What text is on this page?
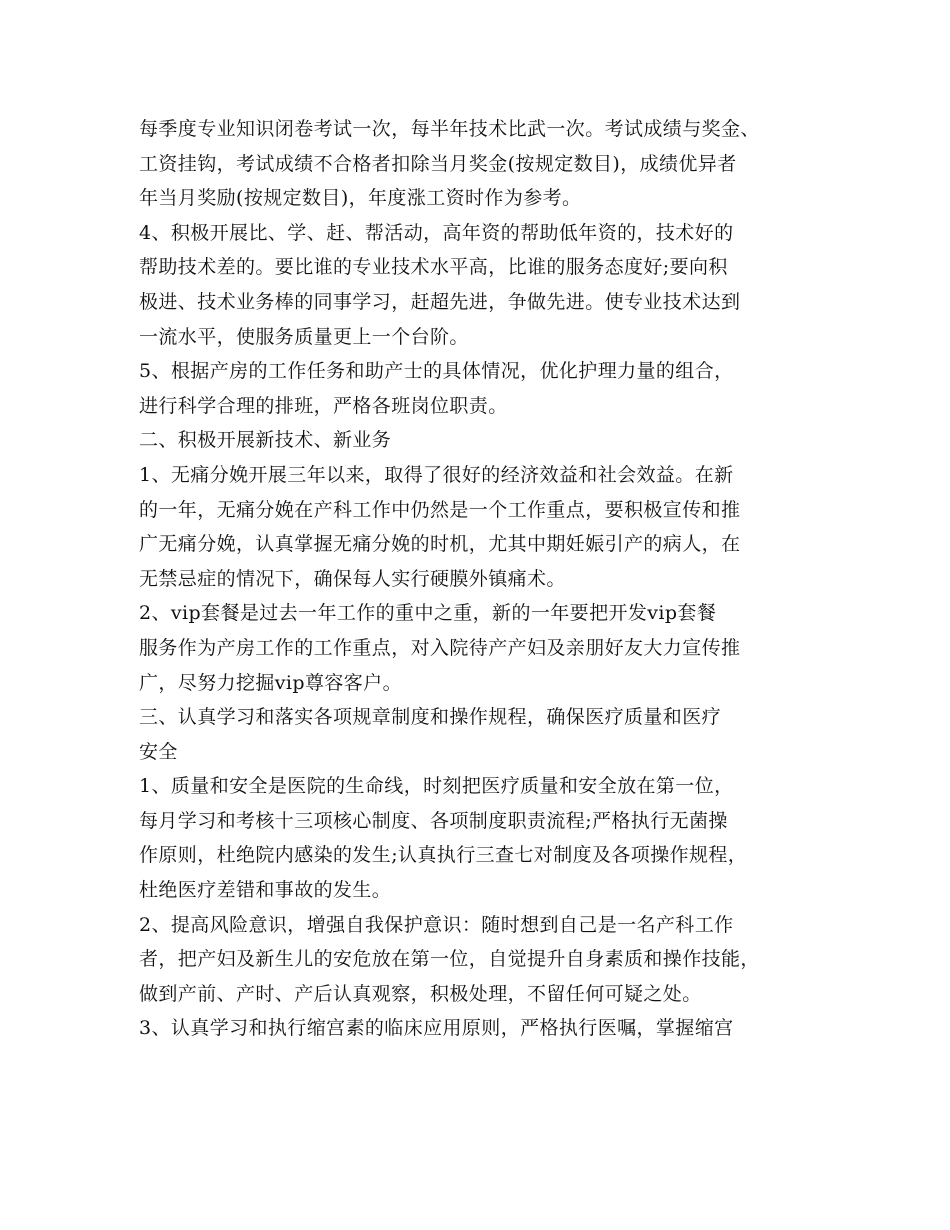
每季度专业知识闭卷考试一次，每半年技术比武一次。考试成绩与奖金、
工资挂钩，考试成绩不合格者扣除当月奖金(按规定数目)，成绩优异者
年当月奖励(按规定数目)，年度涨工资时作为参考。
4、积极开展比、学、赶、帮活动，高年资的帮助低年资的，技术好的
帮助技术差的。要比谁的专业技术水平高，比谁的服务态度好;要向积
极进、技术业务棒的同事学习，赶超先进，争做先进。使专业技术达到
一流水平，使服务质量更上一个台阶。
5、根据产房的工作任务和助产士的具体情况，优化护理力量的组合，
进行科学合理的排班，严格各班岗位职责。
二、积极开展新技术、新业务
1、无痛分娩开展三年以来，取得了很好的经济效益和社会效益。在新
的一年，无痛分娩在产科工作中仍然是一个工作重点，要积极宣传和推
广无痛分娩，认真掌握无痛分娩的时机，尤其中期妊娠引产的病人，在
无禁忌症的情况下，确保每人实行硬膜外镇痛术。
2、vip套餐是过去一年工作的重中之重，新的一年要把开发vip套餐
服务作为产房工作的工作重点，对入院待产产妇及亲朋好友大力宣传推
广，尽努力挖掘vip尊容客户。
三、认真学习和落实各项规章制度和操作规程，确保医疗质量和医疗
安全
1、质量和安全是医院的生命线，时刻把医疗质量和安全放在第一位，
每月学习和考核十三项核心制度、各项制度职责流程;严格执行无菌操
作原则，杜绝院内感染的发生;认真执行三查七对制度及各项操作规程，
杜绝医疗差错和事故的发生。
2、提高风险意识，增强自我保护意识：随时想到自己是一名产科工作
者，把产妇及新生儿的安危放在第一位，自觉提升自身素质和操作技能，
做到产前、产时、产后认真观察，积极处理，不留任何可疑之处。
3、认真学习和执行缩宫素的临床应用原则，严格执行医嘱，掌握缩宫
